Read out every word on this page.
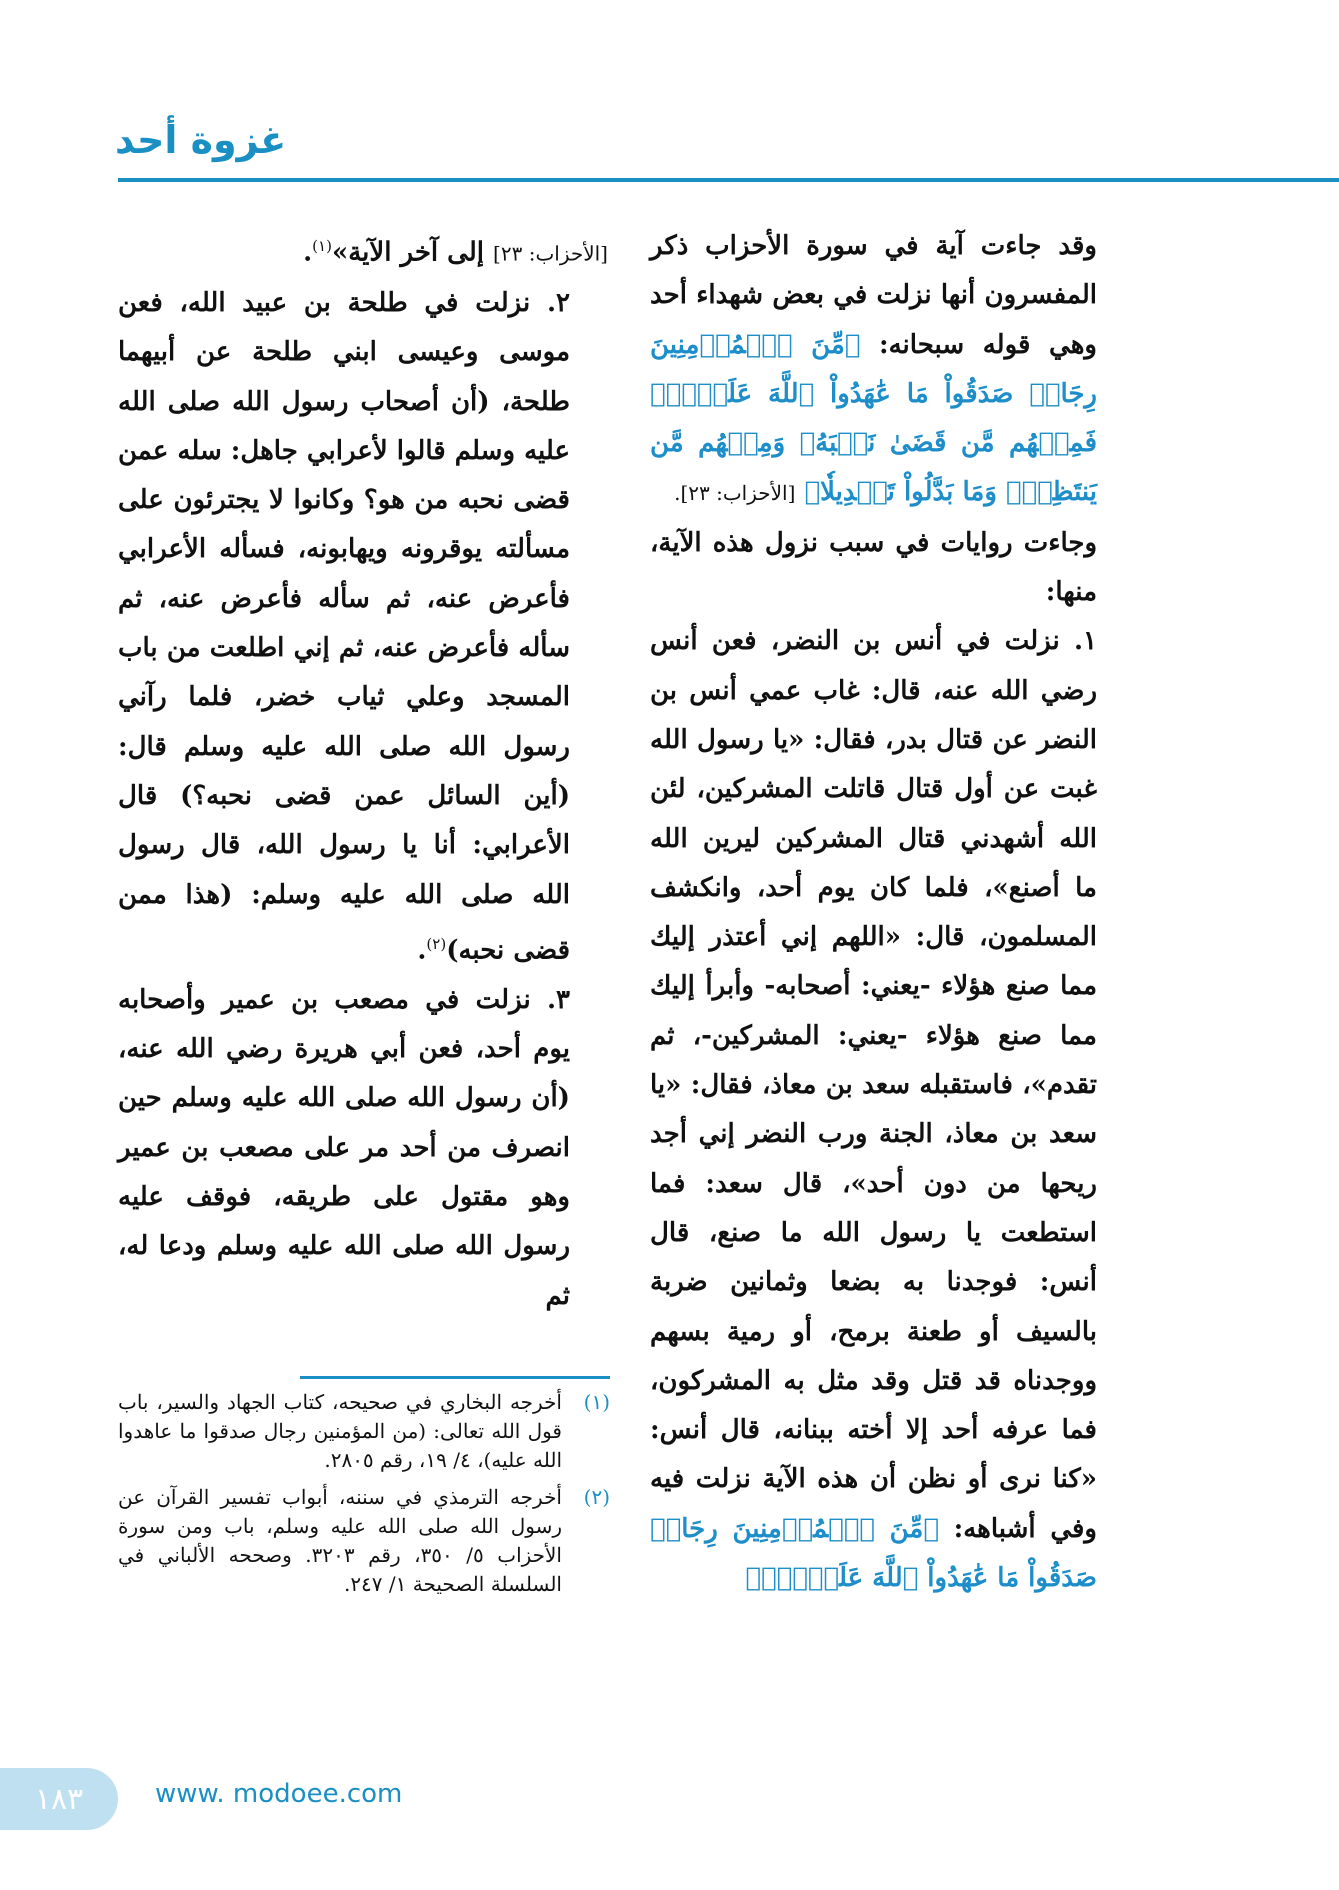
غزوة أحد

وقد جاءت آية في سورة الأحزاب ذكر المفسرون أنها نزلت في بعض شهداء أحد وهي قوله سبحانه: ﴿مِّنَ ٱلۡمُؤۡمِنِينَ رِجَالٞ صَدَقُواْ مَا عَٰهَدُواْ ٱللَّهَ عَلَيۡهِۖ فَمِنۡهُم مَّن قَضَىٰ نَحۡبَهُۥ وَمِنۡهُم مَّن يَنتَظِرُۖ وَمَا بَدَّلُواْ تَبۡدِيلٗا﴾ [الأحزاب: ٢٣].

وجاءت روايات في سبب نزول هذه الآية، منها:

١. نزلت في أنس بن النضر، فعن أنس رضي الله عنه، قال: غاب عمي أنس بن النضر عن قتال بدر، فقال: «يا رسول الله غبت عن أول قتال قاتلت المشركين، لئن الله أشهدني قتال المشركين ليرين الله ما أصنع»، فلما كان يوم أحد، وانكشف المسلمون، قال: «اللهم إني أعتذر إليك مما صنع هؤلاء -يعني: أصحابه- وأبرأ إليك مما صنع هؤلاء -يعني: المشركين-، ثم تقدم»، فاستقبله سعد بن معاذ، فقال: «يا سعد بن معاذ، الجنة ورب النضر إني أجد ريحها من دون أحد»، قال سعد: فما استطعت يا رسول الله ما صنع، قال أنس: فوجدنا به بضعا وثمانين ضربة بالسيف أو طعنة برمح، أو رمية بسهم ووجدناه قد قتل وقد مثل به المشركون، فما عرفه أحد إلا أخته ببنانه، قال أنس: «كنا نرى أو نظن أن هذه الآية نزلت فيه وفي أشباهه: ﴿مِّنَ ٱلۡمُؤۡمِنِينَ رِجَالٞ صَدَقُواْ مَا عَٰهَدُواْ ٱللَّهَ عَلَيۡهِۖ﴾

[الأحزاب: ٢٣] إلى آخر الآية»$^{(١)}$.

٢. نزلت في طلحة بن عبيد الله، فعن موسى وعيسى ابني طلحة عن أبيهما طلحة، (أن أصحاب رسول الله صلى الله عليه وسلم قالوا لأعرابي جاهل: سله عمن قضى نحبه من هو؟ وكانوا لا يجترئون على مسألته يوقرونه ويهابونه، فسأله الأعرابي فأعرض عنه، ثم سأله فأعرض عنه، ثم سأله فأعرض عنه، ثم إني اطلعت من باب المسجد وعلي ثياب خضر، فلما رآني رسول الله صلى الله عليه وسلم قال: (أين السائل عمن قضى نحبه؟) قال الأعرابي: أنا يا رسول الله، قال رسول الله صلى الله عليه وسلم: (هذا ممن قضى نحبه)$^{(٢)}$.

٣. نزلت في مصعب بن عمير وأصحابه يوم أحد، فعن أبي هريرة رضي الله عنه، (أن رسول الله صلى الله عليه وسلم حين انصرف من أحد مر على مصعب بن عمير وهو مقتول على طريقه، فوقف عليه رسول الله صلى الله عليه وسلم ودعا له، ثم

(١)
أخرجه البخاري في صحيحه، كتاب الجهاد والسير، باب قول الله تعالى: (من المؤمنين رجال صدقوا ما عاهدوا الله عليه)، ٤/ ١٩، رقم ٢٨٠٥.
(٢)
أخرجه الترمذي في سننه، أبواب تفسير القرآن عن رسول الله صلى الله عليه وسلم، باب ومن سورة الأحزاب ٥/ ٣٥٠، رقم ٣٢٠٣. وصححه الألباني في السلسلة الصحيحة ١/ ٢٤٧.
١٨٣	www. modoee.com
